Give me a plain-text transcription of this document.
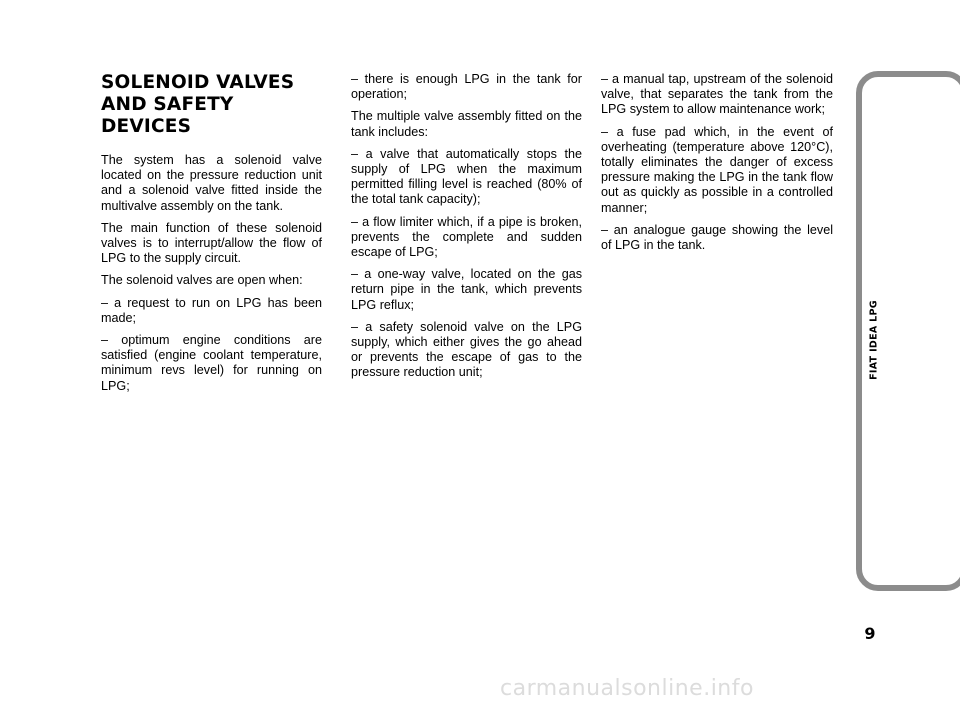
SOLENOID VALVES
AND SAFETY DEVICES

The system has a solenoid valve located on the pressure reduction unit and a solenoid valve fitted inside the multivalve assembly on the tank.

The main function of these solenoid valves is to interrupt/allow the flow of LPG to the supply circuit.

The solenoid valves are open when:

– a request to run on LPG has been made;

– optimum engine conditions are satisfied (engine coolant temperature, minimum revs level) for running on LPG;

– there is enough LPG in the tank for operation;

The multiple valve assembly fitted on the tank includes:

– a valve that automatically stops the supply of LPG when the maximum permitted filling level is reached (80% of the total tank capacity);

– a flow limiter which, if a pipe is broken, prevents the complete and sudden escape of LPG;

– a one-way valve, located on the gas return pipe in the tank, which prevents LPG reflux;

– a safety solenoid valve on the LPG supply, which either gives the go ahead or prevents the escape of gas to the pressure reduction unit;

– a manual tap, upstream of the solenoid valve, that separates the tank from the LPG system to allow maintenance work;

– a fuse pad which, in the event of overheating (temperature above 120°C), totally eliminates the danger of excess pressure making the LPG in the tank flow out as quickly as possible in a controlled manner;

– an analogue gauge showing the level of LPG in the tank.

FIAT IDEA LPG
9
carmanualsonline.info
